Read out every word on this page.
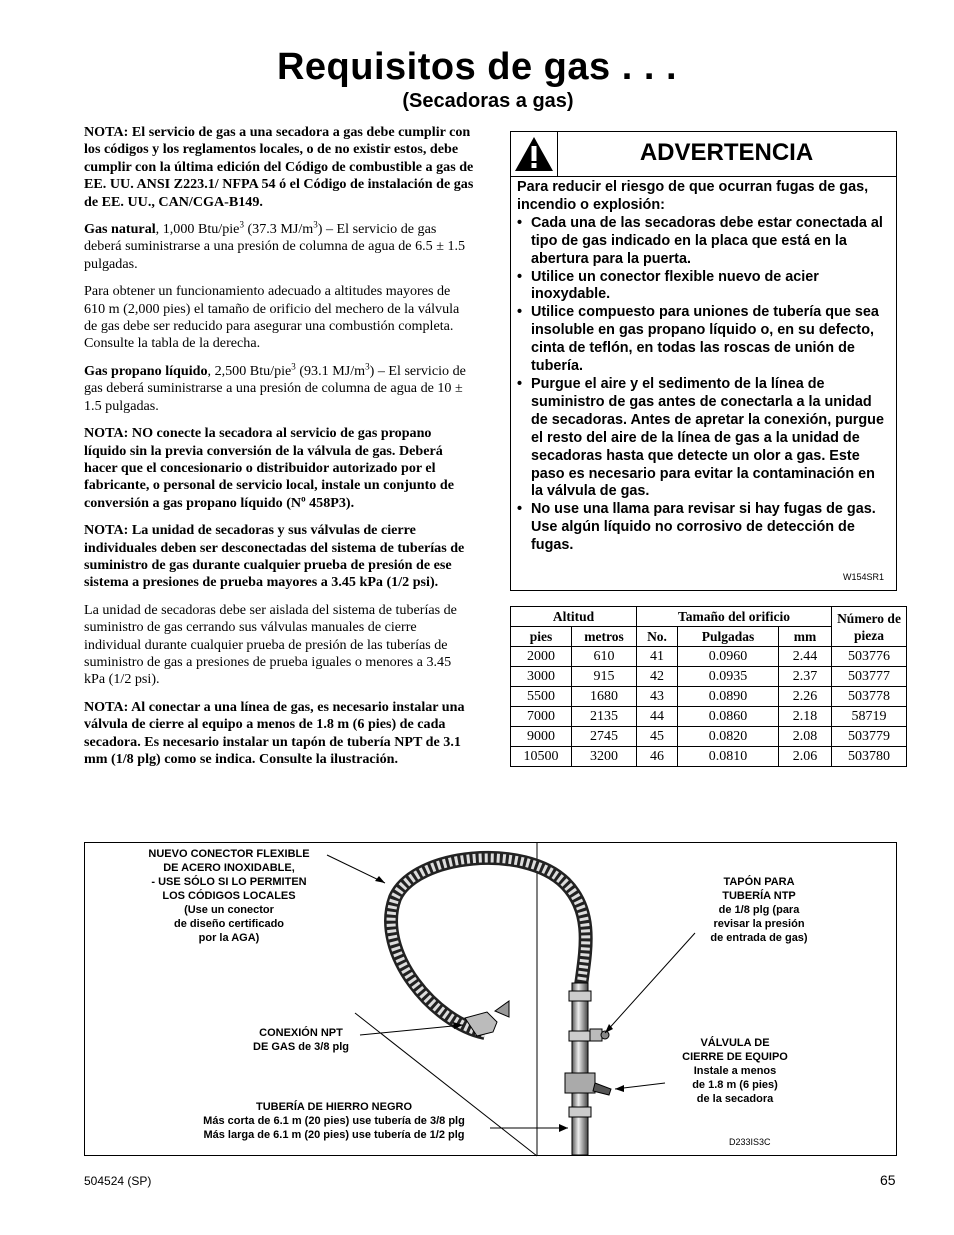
Requisitos de gas . . .
(Secadoras a gas)

NOTA: El servicio de gas a una secadora a gas debe cumplir con los códigos y los reglamentos locales, o de no existir estos, debe cumplir con la última edición del Código de combustible a gas de EE. UU. ANSI Z223.1/ NFPA 54 ó el Código de instalación de gas de EE. UU., CAN/CGA-B149.

Gas natural, 1,000 Btu/pie$^3$ (37.3 $MJ/m^3$) – El servicio de gas deberá suministrarse a una presión de columna de agua de 6.5 ± 1.5 pulgadas.

Para obtener un funcionamiento adecuado a altitudes mayores de 610 m (2,000 pies) el tamaño de orificio del mechero de la válvula de gas debe ser reducido para asegurar una combustión completa. Consulte la tabla de la derecha.

Gas propano líquido, 2,500 Btu/pie$^3$ (93.1 $MJ/m^3$) – El servicio de gas deberá suministrarse a una presión de columna de agua de 10 ± 1.5 pulgadas.

NOTA: NO conecte la secadora al servicio de gas propano líquido sin la previa conversión de la válvula de gas. Deberá hacer que el concesionario o distribuidor autorizado por el fabricante, o personal de servicio local, instale un conjunto de conversión a gas propano líquido ($N^o$ 458P3).

NOTA: La unidad de secadoras y sus válvulas de cierre individuales deben ser desconectadas del sistema de tuberías de suministro de gas durante cualquier prueba de presión de ese sistema a presiones de prueba mayores a 3.45 kPa (1/2 psi).

La unidad de secadoras debe ser aislada del sistema de tuberías de suministro de gas cerrando sus válvulas manuales de cierre individual durante cualquier prueba de presión de las tuberías de suministro de gas a presiones de prueba iguales o menores a 3.45 kPa (1/2 psi).

NOTA: Al conectar a una línea de gas, es necesario instalar una válvula de cierre al equipo a menos de 1.8 m (6 pies) de cada secadora. Es necesario instalar un tapón de tubería NPT de 3.1 mm (1/8 plg) como se indica. Consulte la ilustración.

ADVERTENCIA
Para reducir el riesgo de que ocurran fugas de gas, incendio o explosión:
• Cada una de las secadoras debe estar conectada al tipo de gas indicado en la placa que está en la abertura para la puerta.
• Utilice un conector flexible nuevo de acier inoxydable.
• Utilice compuesto para uniones de tubería que sea insoluble en gas propano líquido o, en su defecto, cinta de teflón, en todas las roscas de unión de tubería.
• Purgue el aire y el sedimento de la línea de suministro de gas antes de conectarla a la unidad de secadoras. Antes de apretar la conexión, purgue el resto del aire de la línea de gas a la unidad de secadoras hasta que detecte un olor a gas. Este paso es necesario para evitar la contaminación en la válvula de gas.
• No use una llama para revisar si hay fugas de gas. Use algún líquido no corrosivo de detección de fugas.
W154SR1
Altitud		Tamaño del orificio			Número de pieza
pies	metros	No.	Pulgadas	mm	
2000	610	41	0.0960	2.44	503776
3000	915	42	0.0935	2.37	503777
5500	1680	43	0.0890	2.26	503778
7000	2135	44	0.0860	2.18	58719
9000	2745	45	0.0820	2.08	503779
10500	3200	46	0.0810	2.06	503780
NUEVO CONECTOR FLEXIBLE
DE ACERO INOXIDABLE,
- USE SÓLO SI LO PERMITEN
LOS CÓDIGOS LOCALES
(Use un conector
de diseño certificado
por la AGA)
TAPÓN PARA
TUBERÍA NTP
de 1/8 plg (para
revisar la presión
de entrada de gas)
CONEXIÓN NPT
DE GAS de 3/8 plg	VÁLVULA DE
CIERRE DE EQUIPO
Instale a menos
de 1.8 m (6 pies)
de la secadora
TUBERÍA DE HIERRO NEGRO
Más corta de 6.1 m (20 pies) use tubería de 3/8 plg
Más larga de 6.1 m (20 pies) use tubería de 1/2 plg
D233IS3C
504524 (SP)	65
